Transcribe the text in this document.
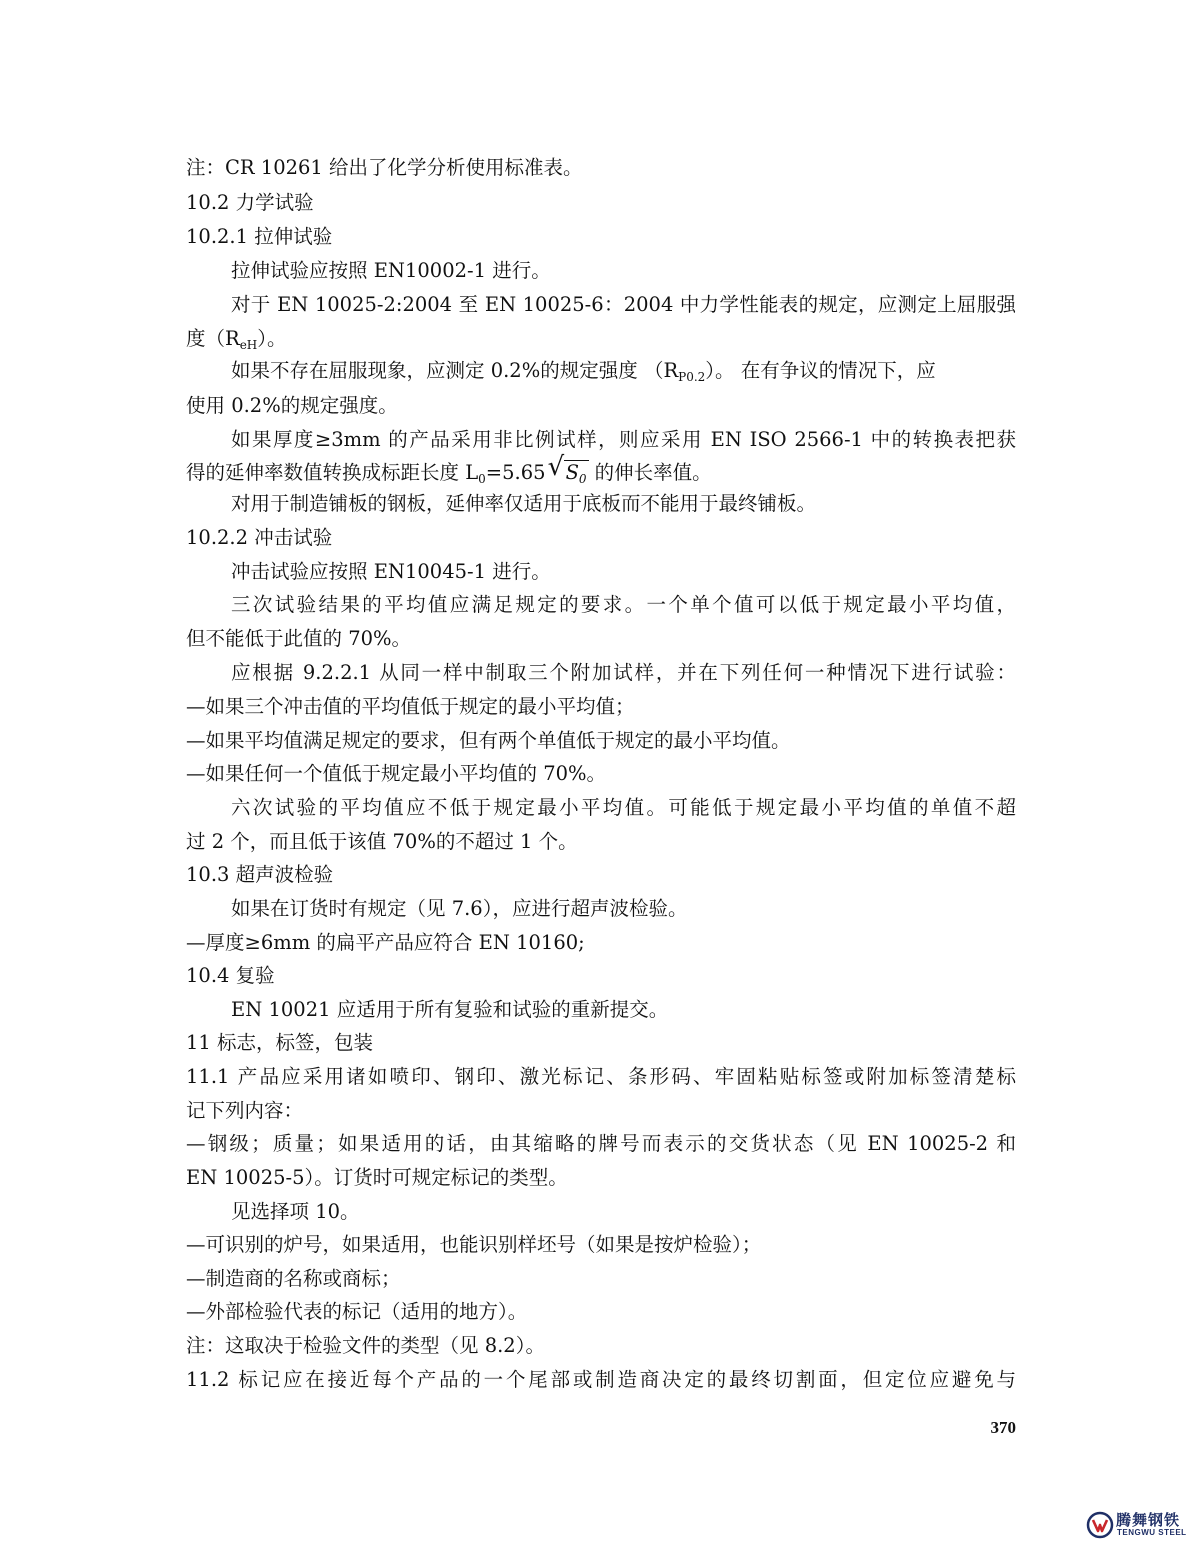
注：CR 10261 给出了化学分析使用标准表。
10.2 力学试验
10.2.1 拉伸试验
拉伸试验应按照 EN10002-1 进行。
对于 EN 10025-2:2004 至 EN 10025-6：2004 中力学性能表的规定，应测定上屈服强
度$(R_{eH})$。
如果不存在屈服现象，应测定 0.2%的规定强度 $(R_{P0.2})$。 在有争议的情况下，应
使用 0.2%的规定强度。
如果厚度≥3mm 的产品采用非比例试样，则应采用 EN ISO 2566-1 中的转换表把获
得的延伸率数值转换成标距长度 $L_0=5.65$ √ $S_0$ 的伸长率值。
对用于制造铺板的钢板，延伸率仅适用于底板而不能用于最终铺板。
10.2.2 冲击试验
冲击试验应按照 EN10045-1 进行。
三次试验结果的平均值应满足规定的要求。一个单个值可以低于规定最小平均值，
但不能低于此值的 70%。
应根据 9.2.2.1 从同一样中制取三个附加试样，并在下列任何一种情况下进行试验：
—如果三个冲击值的平均值低于规定的最小平均值；
—如果平均值满足规定的要求，但有两个单值低于规定的最小平均值。
—如果任何一个值低于规定最小平均值的 70%。
六次试验的平均值应不低于规定最小平均值。可能低于规定最小平均值的单值不超
过 2 个，而且低于该值 70%的不超过 1 个。
10.3 超声波检验
如果在订货时有规定（见 7.6），应进行超声波检验。
—厚度≥6mm 的扁平产品应符合 EN 10160;
10.4 复验
EN 10021 应适用于所有复验和试验的重新提交。
11 标志，标签，包装
11.1 产品应采用诸如喷印、钢印、激光标记、条形码、牢固粘贴标签或附加标签清楚标
记下列内容：
—钢级；质量；如果适用的话，由其缩略的牌号而表示的交货状态（见 EN 10025-2 和
EN 10025-5）。订货时可规定标记的类型。
见选择项 10。
—可识别的炉号，如果适用，也能识别样坯号（如果是按炉检验）；
—制造商的名称或商标；
—外部检验代表的标记（适用的地方）。
注：这取决于检验文件的类型（见 8.2）。
11.2 标记应在接近每个产品的一个尾部或制造商决定的最终切割面，但定位应避免与
370
腾舞钢铁
TENGWU STEEL
